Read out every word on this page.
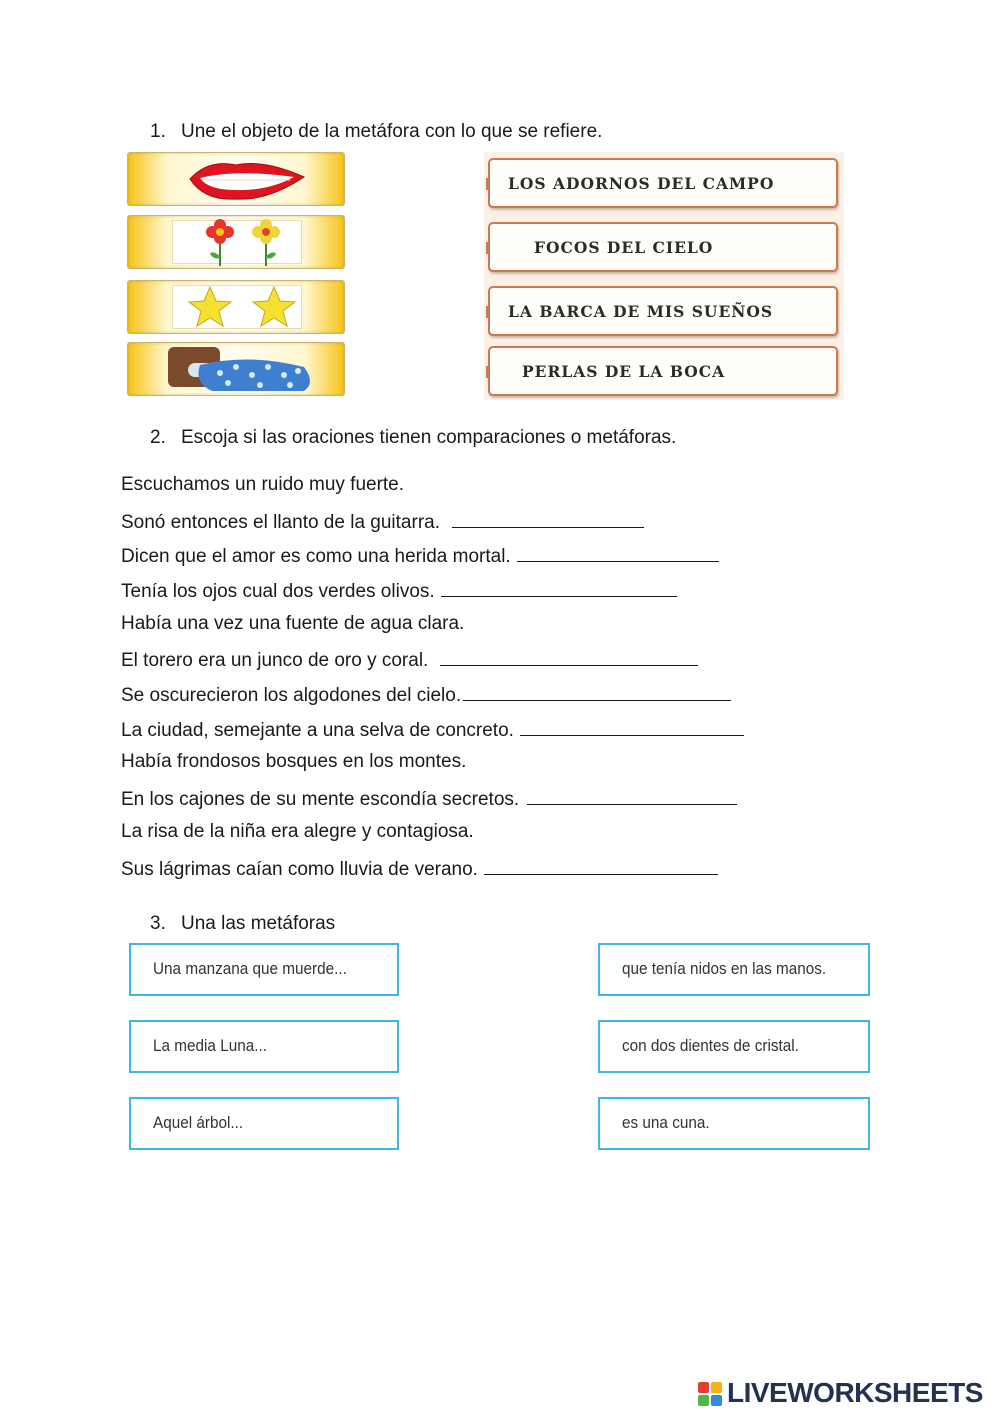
1. Une el objeto de la metáfora con lo que se refiere.
LOS ADORNOS DEL CAMPO
FOCOS DEL CIELO
LA BARCA DE MIS SUEÑOS
PERLAS DE LA BOCA
2. Escoja si las oraciones tienen comparaciones o metáforas.
Escuchamos un ruido muy fuerte.
Sonó entonces el llanto de la guitarra.
Dicen que el amor es como una herida mortal.
Tenía los ojos cual dos verdes olivos.
Había una vez una fuente de agua clara.
El torero era un junco de oro y coral.
Se oscurecieron los algodones del cielo.
La ciudad, semejante a una selva de concreto.
Había frondosos bosques en los montes.
En los cajones de su mente escondía secretos.
La risa de la niña era alegre y contagiosa.
Sus lágrimas caían como lluvia de verano.
3. Una las metáforas
Una manzana que muerde...
La media Luna...
Aquel árbol...
que tenía nidos en las manos.
con dos dientes de cristal.
es una cuna.
LIVEWORKSHEETS
